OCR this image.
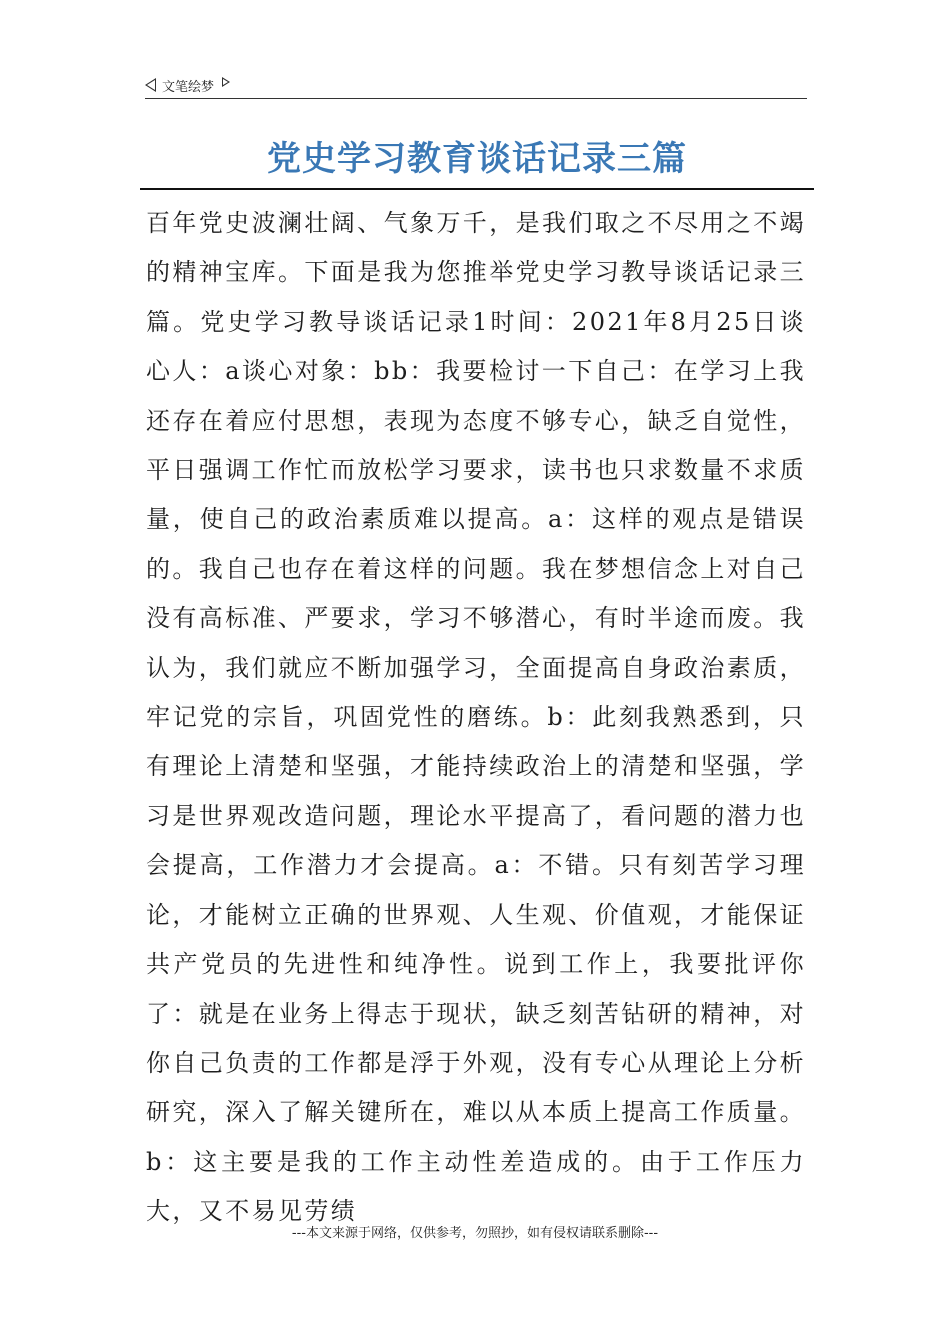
文笔绘梦
党史学习教育谈话记录三篇

百年党史波澜壮阔、气象万千，是我们取之不尽用之不竭的精神宝库。下面是我为您推举党史学习教导谈话记录三篇。党史学习教导谈话记录1时间：2021年8月25日谈心人：a谈心对象：bb：我要检讨一下自己：在学习上我还存在着应付思想，表现为态度不够专心，缺乏自觉性，平日强调工作忙而放松学习要求，读书也只求数量不求质量，使自己的政治素质难以提高。a：这样的观点是错误的。我自己也存在着这样的问题。我在梦想信念上对自己没有高标准、严要求，学习不够潜心，有时半途而废。我认为，我们就应不断加强学习，全面提高自身政治素质，牢记党的宗旨，巩固党性的磨练。b：此刻我熟悉到，只有理论上清楚和坚强，才能持续政治上的清楚和坚强，学习是世界观改造问题，理论水平提高了，看问题的潜力也会提高，工作潜力才会提高。a：不错。只有刻苦学习理论，才能树立正确的世界观、人生观、价值观，才能保证共产党员的先进性和纯净性。说到工作上，我要批评你了：就是在业务上得志于现状，缺乏刻苦钻研的精神，对你自己负责的工作都是浮于外观，没有专心从理论上分析研究，深入了解关键所在，难以从本质上提高工作质量。b：这主要是我的工作主动性差造成的。由于工作压力大，又不易见劳绩

---本文来源于网络，仅供参考，勿照抄，如有侵权请联系删除---
